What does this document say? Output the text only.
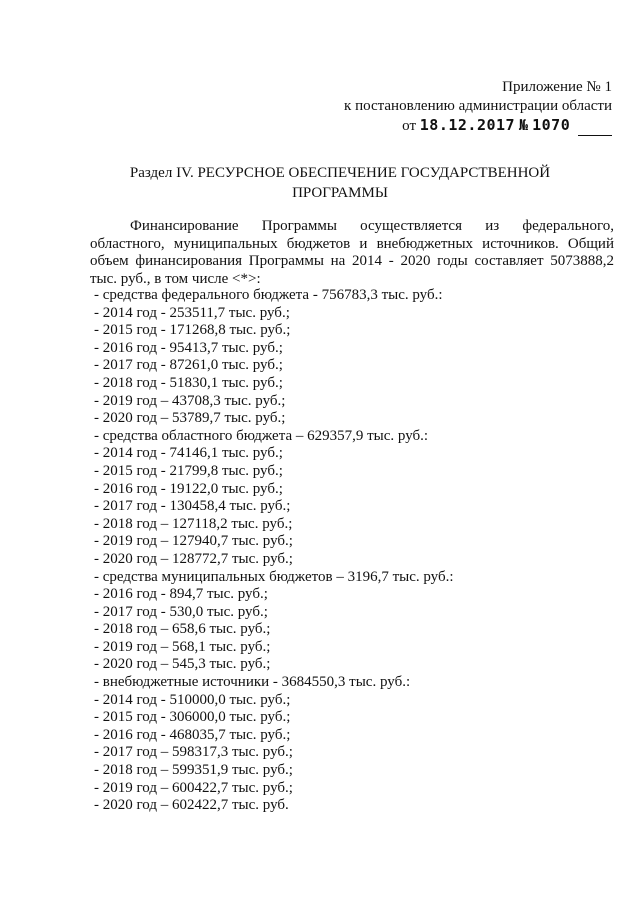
Приложение № 1
к постановлению администрации области
от 18.12.2017 № 1070
Раздел IV. РЕСУРСНОЕ ОБЕСПЕЧЕНИЕ ГОСУДАРСТВЕННОЙ
ПРОГРАММЫ

Финансирование Программы осуществляется из федерального, областного, муниципальных бюджетов и внебюджетных источников. Общий объем финансирования Программы на 2014 - 2020 годы составляет 5073888,2 тыс. руб., в том числе <*>:

- средства федерального бюджета - 756783,3 тыс. руб.:
- 2014 год - 253511,7 тыс. руб.;
- 2015 год - 171268,8 тыс. руб.;
- 2016 год - 95413,7 тыс. руб.;
- 2017 год - 87261,0 тыс. руб.;
- 2018 год - 51830,1 тыс. руб.;
- 2019 год – 43708,3 тыс. руб.;
- 2020 год – 53789,7 тыс. руб.;
- средства областного бюджета – 629357,9 тыс. руб.:
- 2014 год - 74146,1 тыс. руб.;
- 2015 год - 21799,8 тыс. руб.;
- 2016 год - 19122,0 тыс. руб.;
- 2017 год - 130458,4 тыс. руб.;
- 2018 год – 127118,2 тыс. руб.;
- 2019 год – 127940,7 тыс. руб.;
- 2020 год – 128772,7 тыс. руб.;
- средства муниципальных бюджетов – 3196,7 тыс. руб.:
- 2016 год - 894,7 тыс. руб.;
- 2017 год - 530,0 тыс. руб.;
- 2018 год – 658,6 тыс. руб.;
- 2019 год – 568,1 тыс. руб.;
- 2020 год – 545,3 тыс. руб.;
- внебюджетные источники - 3684550,3 тыс. руб.:
- 2014 год - 510000,0 тыс. руб.;
- 2015 год - 306000,0 тыс. руб.;
- 2016 год - 468035,7 тыс. руб.;
- 2017 год – 598317,3 тыс. руб.;
- 2018 год – 599351,9 тыс. руб.;
- 2019 год – 600422,7 тыс. руб.;
- 2020 год – 602422,7 тыс. руб.
